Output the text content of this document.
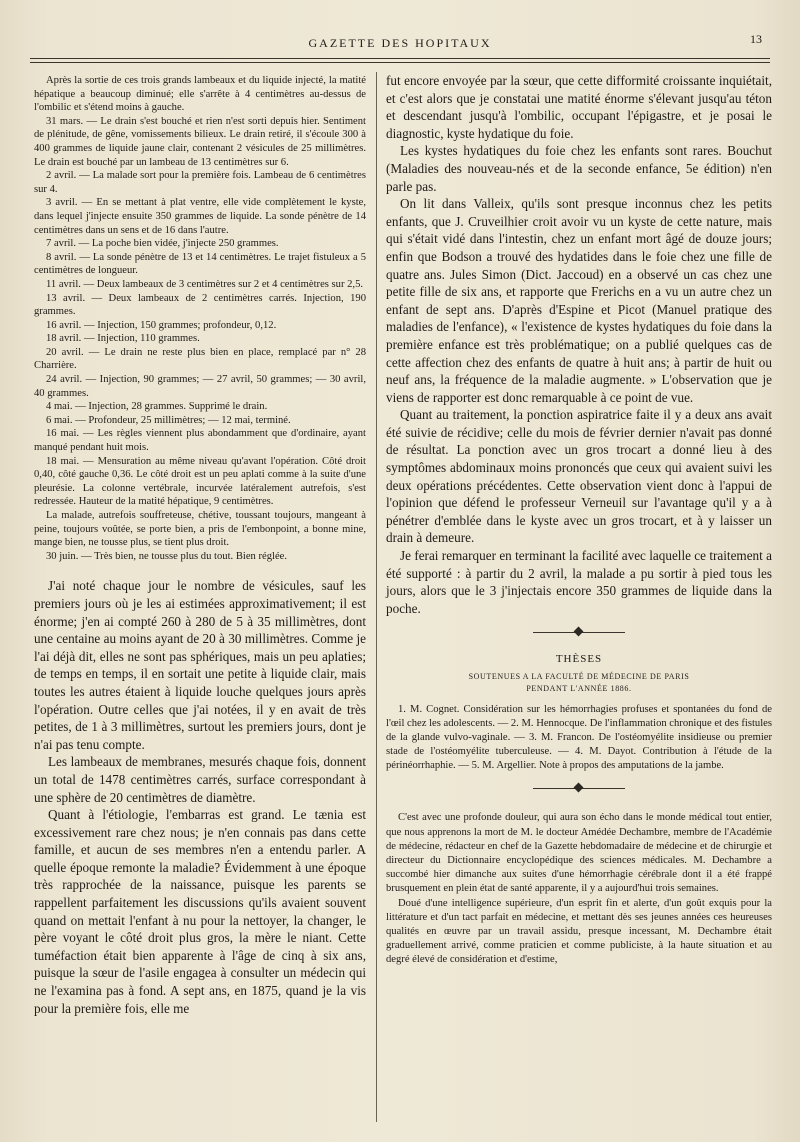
GAZETTE DES HOPITAUX	13

Après la sortie de ces trois grands lambeaux et du liquide injecté, la matité hépatique a beaucoup diminué; elle s'arrête à 4 centimètres au-dessus de l'ombilic et s'étend moins à gauche.

31 mars. — Le drain s'est bouché et rien n'est sorti depuis hier. Sentiment de plénitude, de gêne, vomissements bilieux. Le drain retiré, il s'écoule 300 à 400 grammes de liquide jaune clair, contenant 2 vésicules de 25 millimètres. Le drain est bouché par un lambeau de 13 centimètres sur 6.

2 avril. — La malade sort pour la première fois. Lambeau de 6 centimètres sur 4.

3 avril. — En se mettant à plat ventre, elle vide complètement le kyste, dans lequel j'injecte ensuite 350 grammes de liquide. La sonde pénètre de 14 centimètres dans un sens et de 16 dans l'autre.

7 avril. — La poche bien vidée, j'injecte 250 grammes.

8 avril. — La sonde pénètre de 13 et 14 centimètres. Le trajet fistuleux a 5 centimètres de longueur.

11 avril. — Deux lambeaux de 3 centimètres sur 2 et 4 centimètres sur 2,5.

13 avril. — Deux lambeaux de 2 centimètres carrés. Injection, 190 grammes.

16 avril. — Injection, 150 grammes; profondeur, 0,12.

18 avril. — Injection, 110 grammes.

20 avril. — Le drain ne reste plus bien en place, remplacé par n° 28 Charrière.

24 avril. — Injection, 90 grammes; — 27 avril, 50 grammes; — 30 avril, 40 grammes.

4 mai. — Injection, 28 grammes. Supprimé le drain.

6 mai. — Profondeur, 25 millimètres; — 12 mai, terminé.

16 mai. — Les règles viennent plus abondamment que d'ordinaire, ayant manqué pendant huit mois.

18 mai. — Mensuration au même niveau qu'avant l'opération. Côté droit 0,40, côté gauche 0,36. Le côté droit est un peu aplati comme à la suite d'une pleurésie. La colonne vertébrale, incurvée latéralement autrefois, s'est redressée. Hauteur de la matité hépatique, 9 centimètres.

La malade, autrefois souffreteuse, chétive, toussant toujours, mangeant à peine, toujours voûtée, se porte bien, a pris de l'embonpoint, a bonne mine, mange bien, ne tousse plus, se tient plus droit.

30 juin. — Très bien, ne tousse plus du tout. Bien réglée.

J'ai noté chaque jour le nombre de vésicules, sauf les premiers jours où je les ai estimées approximativement; il est énorme; j'en ai compté 260 à 280 de 5 à 35 millimètres, dont une centaine au moins ayant de 20 à 30 millimètres. Comme je l'ai déjà dit, elles ne sont pas sphériques, mais un peu aplaties; de temps en temps, il en sortait une petite à liquide clair, mais toutes les autres étaient à liquide louche quelques jours après l'opération. Outre celles que j'ai notées, il y en avait de très petites, de 1 à 3 millimètres, surtout les premiers jours, dont je n'ai pas tenu compte.

Les lambeaux de membranes, mesurés chaque fois, donnent un total de 1478 centimètres carrés, surface correspondant à une sphère de 20 centimètres de diamètre.

Quant à l'étiologie, l'embarras est grand. Le tænia est excessivement rare chez nous; je n'en connais pas dans cette famille, et aucun de ses membres n'en a entendu parler. A quelle époque remonte la maladie? Évidemment à une époque très rapprochée de la naissance, puisque les parents se rappellent parfaitement les discussions qu'ils avaient souvent quand on mettait l'enfant à nu pour la nettoyer, la changer, le père voyant le côté droit plus gros, la mère le niant. Cette tuméfaction était bien apparente à l'âge de cinq à six ans, puisque la sœur de l'asile engagea à consulter un médecin qui ne l'examina pas à fond. A sept ans, en 1875, quand je la vis pour la première fois, elle me

fut encore envoyée par la sœur, que cette difformité croissante inquiétait, et c'est alors que je constatai une matité énorme s'élevant jusqu'au téton et descendant jusqu'à l'ombilic, occupant l'épigastre, et je posai le diagnostic, kyste hydatique du foie.

Les kystes hydatiques du foie chez les enfants sont rares. Bouchut (Maladies des nouveau-nés et de la seconde enfance, 5e édition) n'en parle pas.

On lit dans Valleix, qu'ils sont presque inconnus chez les petits enfants, que J. Cruveilhier croit avoir vu un kyste de cette nature, mais qui s'était vidé dans l'intestin, chez un enfant mort âgé de douze jours; enfin que Bodson a trouvé des hydatides dans le foie chez une fille de quatre ans. Jules Simon (Dict. Jaccoud) en a observé un cas chez une petite fille de six ans, et rapporte que Frerichs en a vu un autre chez un enfant de sept ans. D'après d'Espine et Picot (Manuel pratique des maladies de l'enfance), « l'existence de kystes hydatiques du foie dans la première enfance est très problématique; on a publié quelques cas de cette affection chez des enfants de quatre à huit ans; à partir de huit ou neuf ans, la fréquence de la maladie augmente. » L'observation que je viens de rapporter est donc remarquable à ce point de vue.

Quant au traitement, la ponction aspiratrice faite il y a deux ans avait été suivie de récidive; celle du mois de février dernier n'avait pas donné de résultat. La ponction avec un gros trocart a donné lieu à des symptômes abdominaux moins prononcés que ceux qui avaient suivi les deux opérations précédentes. Cette observation vient donc à l'appui de l'opinion que défend le professeur Verneuil sur l'avantage qu'il y a à pénétrer d'emblée dans le kyste avec un gros trocart, et à y laisser un drain à demeure.

Je ferai remarquer en terminant la facilité avec laquelle ce traitement a été supporté : à partir du 2 avril, la malade a pu sortir à pied tous les jours, alors que le 3 j'injectais encore 350 grammes de liquide dans la poche.

THÈSES
SOUTENUES A LA FACULTÉ DE MÉDECINE DE PARIS
PENDANT L'ANNÉE 1886.

1. M. Cognet. Considération sur les hémorrhagies profuses et spontanées du fond de l'œil chez les adolescents. — 2. M. Hennocque. De l'inflammation chronique et des fistules de la glande vulvo-vaginale. — 3. M. Francon. De l'ostéomyélite insidieuse ou premier stade de l'ostéomyélite tuberculeuse. — 4. M. Dayot. Contribution à l'étude de la périnéorrhaphie. — 5. M. Argellier. Note à propos des amputations de la jambe.

C'est avec une profonde douleur, qui aura son écho dans le monde médical tout entier, que nous apprenons la mort de M. le docteur Amédée Dechambre, membre de l'Académie de médecine, rédacteur en chef de la Gazette hebdomadaire de médecine et de chirurgie et directeur du Dictionnaire encyclopédique des sciences médicales. M. Dechambre a succombé hier dimanche aux suites d'une hémorrhagie cérébrale dont il a été frappé brusquement en plein état de santé apparente, il y a aujourd'hui trois semaines.

Doué d'une intelligence supérieure, d'un esprit fin et alerte, d'un goût exquis pour la littérature et d'un tact parfait en médecine, et mettant dès ses jeunes années ces heureuses qualités en œuvre par un travail assidu, presque incessant, M. Dechambre était graduellement arrivé, comme praticien et comme publiciste, à la haute situation et au degré élevé de considération et d'estime,
